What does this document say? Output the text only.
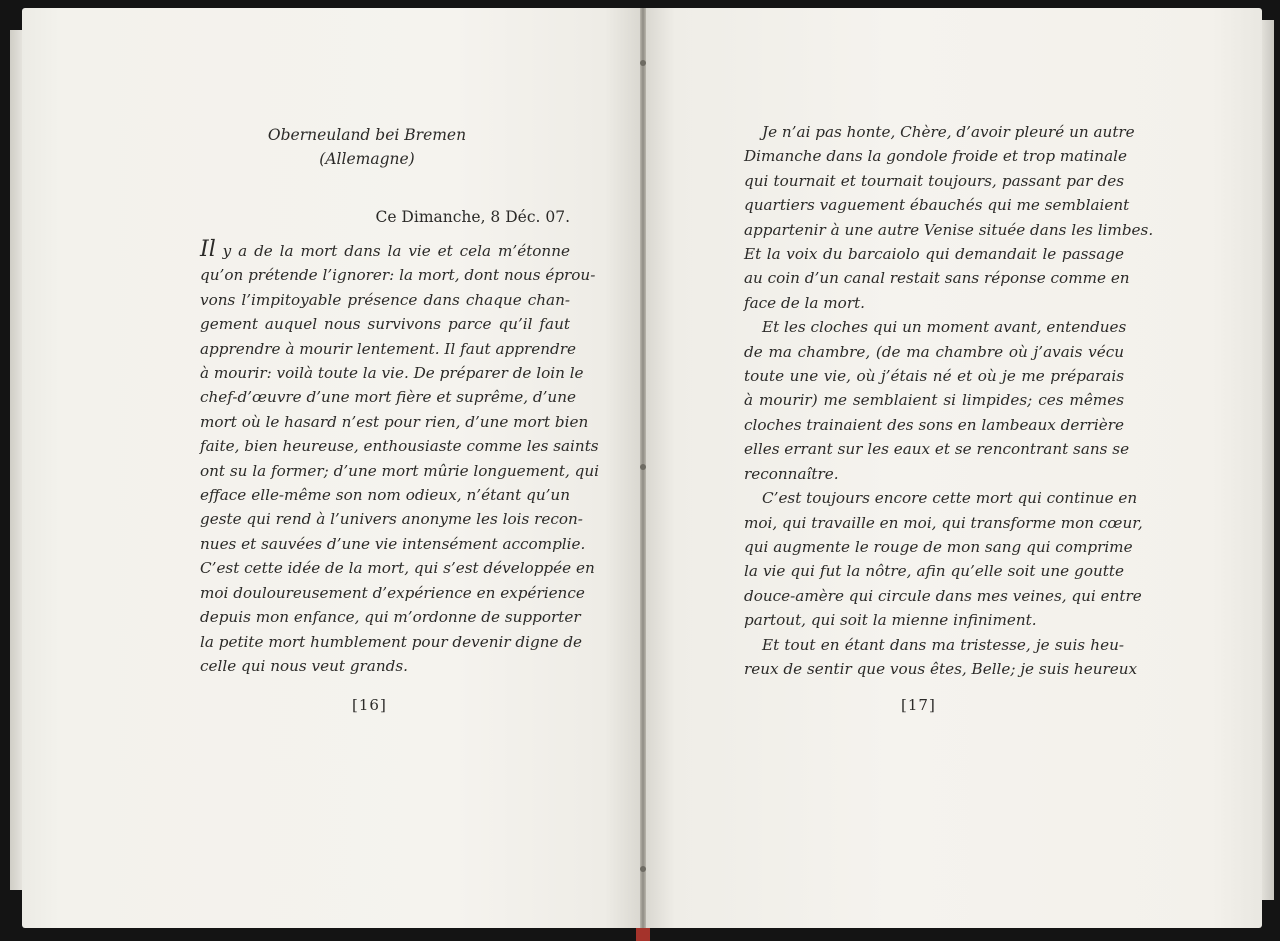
Oberneuland bei Bremen
(Allemagne)
Ce Dimanche, 8 Déc. 07.
Il y a de la mort dans la vie et cela m’étonne
qu’on prétende l’ignorer: la mort, dont nous éprou-
vons l’impitoyable présence dans chaque chan-
gement auquel nous survivons parce qu’il faut
apprendre à mourir lentement. Il faut apprendre
à mourir: voilà toute la vie. De préparer de loin le
chef-d’œuvre d’une mort fière et suprême, d’une
mort où le hasard n’est pour rien, d’une mort bien
faite, bien heureuse, enthousiaste comme les saints
ont su la former; d’une mort mûrie longuement, qui
efface elle-même son nom odieux, n’étant qu’un
geste qui rend à l’univers anonyme les lois recon-
nues et sauvées d’une vie intensément accomplie.
C’est cette idée de la mort, qui s’est développée en
moi douloureusement d’expérience en expérience
depuis mon enfance, qui m’ordonne de supporter
la petite mort humblement pour devenir digne de
celle qui nous veut grands.
[16]
Je n’ai pas honte, Chère, d’avoir pleuré un autre
Dimanche dans la gondole froide et trop matinale
qui tournait et tournait toujours, passant par des
quartiers vaguement ébauchés qui me semblaient
appartenir à une autre Venise située dans les limbes.
Et la voix du barcaiolo qui demandait le passage
au coin d’un canal restait sans réponse comme en
face de la mort.
Et les cloches qui un moment avant, entendues
de ma chambre, (de ma chambre où j’avais vécu
toute une vie, où j’étais né et où je me préparais
à mourir) me semblaient si limpides; ces mêmes
cloches trainaient des sons en lambeaux derrière
elles errant sur les eaux et se rencontrant sans se
reconnaître.
C’est toujours encore cette mort qui continue en
moi, qui travaille en moi, qui transforme mon cœur,
qui augmente le rouge de mon sang qui comprime
la vie qui fut la nôtre, afin qu’elle soit une goutte
douce-amère qui circule dans mes veines, qui entre
partout, qui soit la mienne infiniment.
Et tout en étant dans ma tristesse, je suis heu-
reux de sentir que vous êtes, Belle; je suis heureux
[17]
